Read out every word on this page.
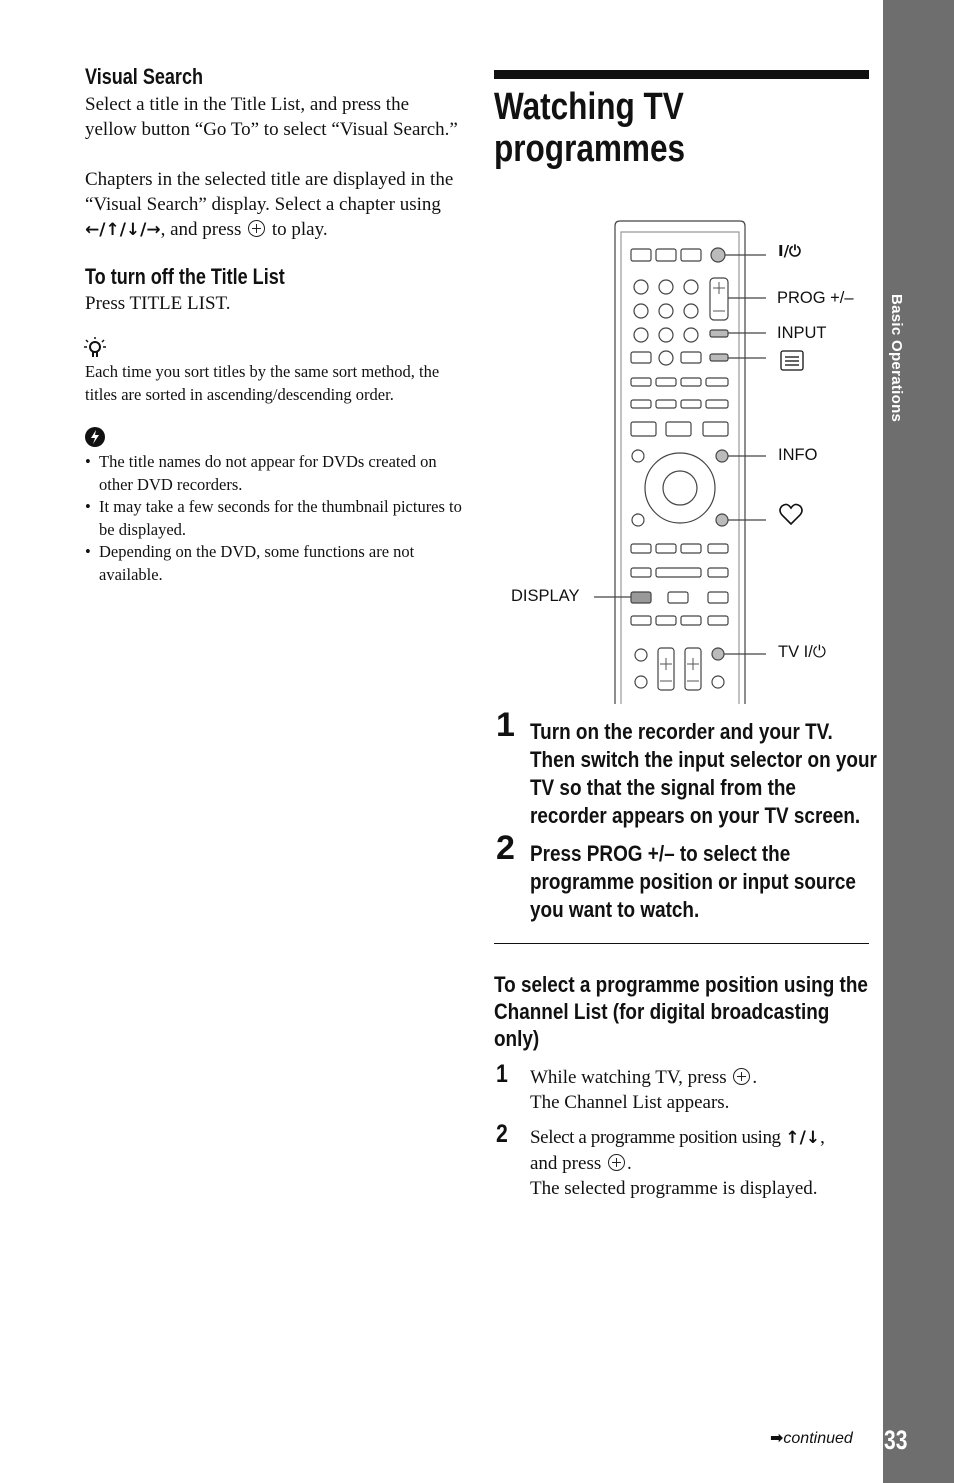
Basic Operations
33
Visual Search
Select a title in the Title List, and press the yellow button “Go To” to select “Visual Search.”
Chapters in the selected title are displayed in the “Visual Search” display. Select a chapter using ←/↑/↓/→, and press to play.
To turn off the Title List
Press TITLE LIST.
Each time you sort titles by the same sort method, the titles are sorted in ascending/descending order.
• The title names do not appear for DVDs created on other DVD recorders.
• It may take a few seconds for the thumbnail pictures to be displayed.
• Depending on the DVD, some functions are not available.
Watching TV
programmes
I/⏻
PROG +/–
INPUT
INFO
DISPLAY
TV I/⏻
1 Turn on the recorder and your TV.
Then switch the input selector on your
TV so that the signal from the
recorder appears on your TV screen.
2 Press PROG +/– to select the
programme position or input source
you want to watch.
To select a programme position using the
Channel List (for digital broadcasting
only)
1 While watching TV, press .
The Channel List appears.
2 Select a programme position using ↑/↓,
and press .
The selected programme is displayed.
➡continued
